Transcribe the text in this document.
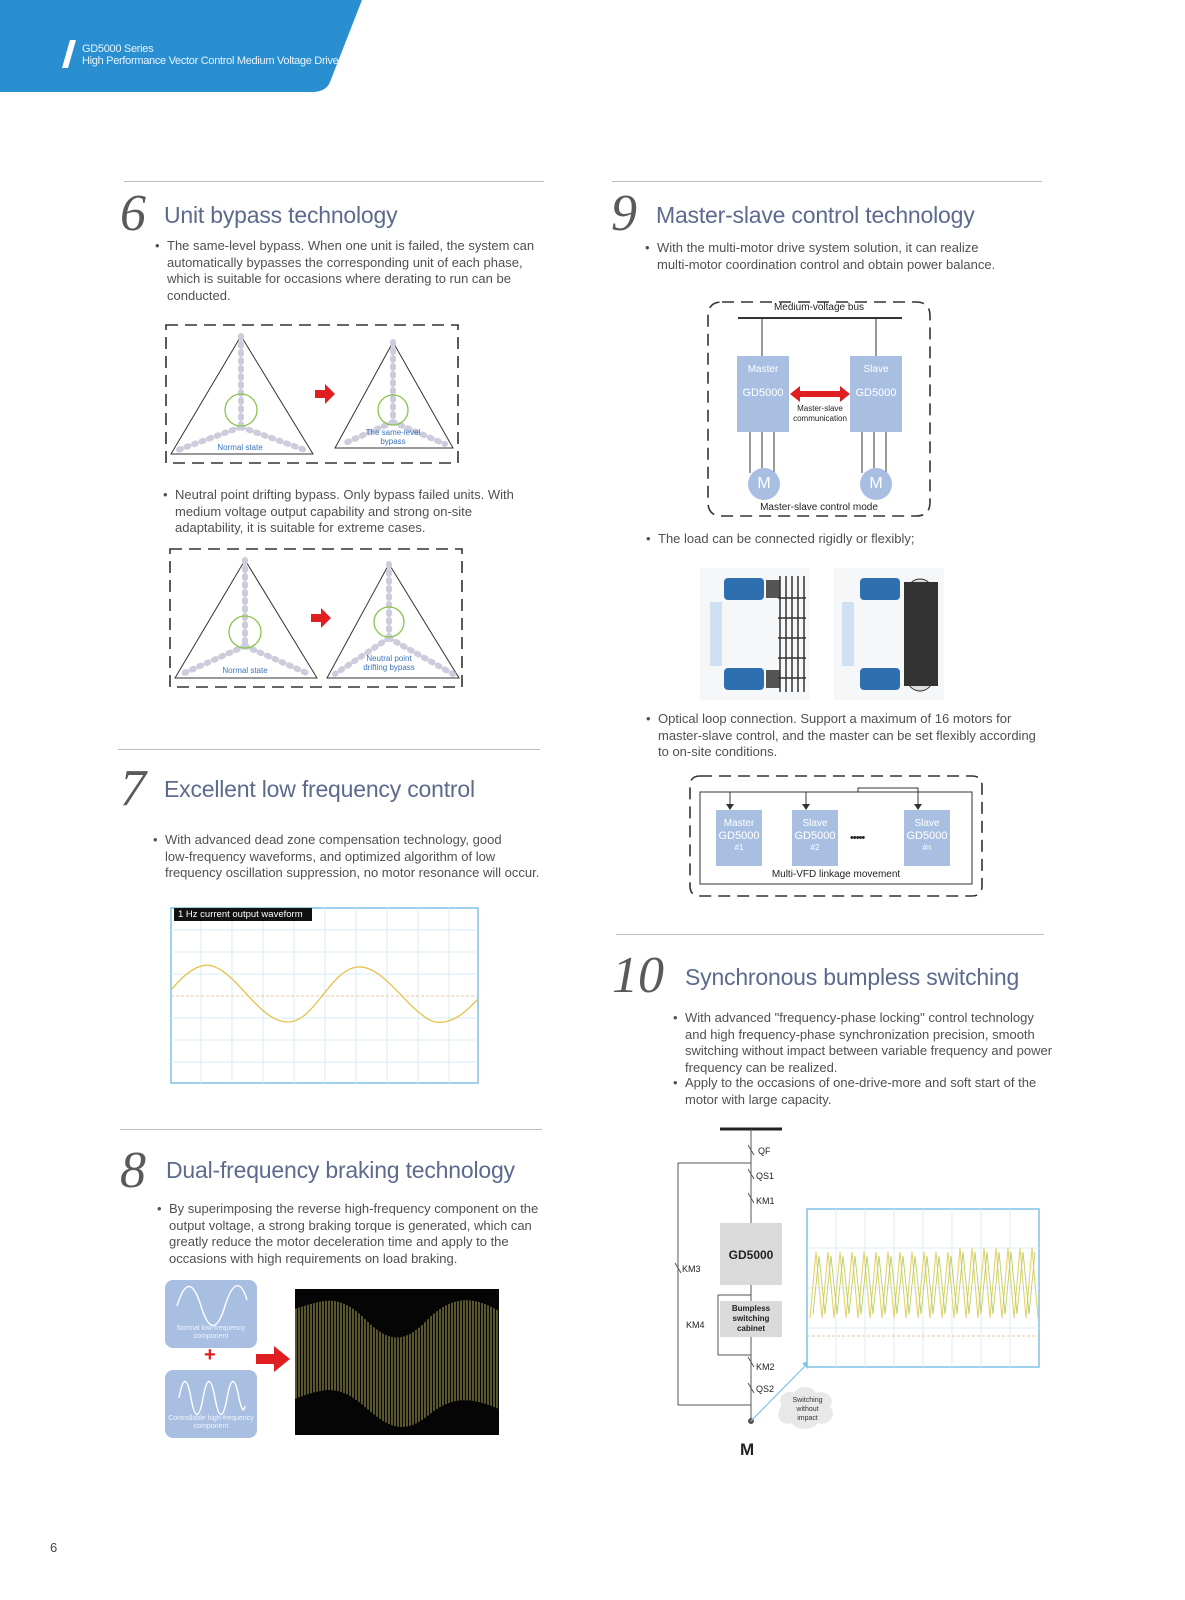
GD5000 Series
High Performance Vector Control Medium Voltage Drive
6 Unit bypass technology
• The same-level bypass. When one unit is failed, the system can
automatically bypasses the corresponding unit of each phase,
which is suitable for occasions where derating to run can be
conducted.
Normal state
The same-level
bypass
• Neutral point drifting bypass. Only bypass failed units. With
medium voltage output capability and strong on-site
adaptability, it is suitable for extreme cases.
Normal state
Neutral point
drifting bypass
7 Excellent low frequency control
• With advanced dead zone compensation technology, good
low-frequency waveforms, and optimized algorithm of low
frequency oscillation suppression, no motor resonance will occur.
1 Hz current output waveform
8 Dual-frequency braking technology
• By superimposing the reverse high-frequency component on the
output voltage, a strong braking torque is generated, which can
greatly reduce the motor deceleration time and apply to the
occasions with high requirements on load braking.
Normal low-frequency
component
+
Controllable high-frequency
component
9 Master-slave control technology
• With the multi-motor drive system solution, it can realize
multi-motor coordination control and obtain power balance.
Medium-voltage bus
Master
GD5000
Slave
GD5000
Master-slave
communication
M	M
Master-slave control mode
• The load can be connected rigidly or flexibly;
• Optical loop connection. Support a maximum of 16 motors for
master-slave control, and the master can be set flexibly according
to on-site conditions.
Master
GD5000
#1
Slave
GD5000
#2
Slave
GD5000
#n
•••••
Multi-VFD linkage movement
10 Synchronous bumpless switching
• With advanced "frequency-phase locking" control technology
and high frequency-phase synchronization precision, smooth
switching without impact between variable frequency and power
frequency can be realized.
• Apply to the occasions of one-drive-more and soft start of the
motor with large capacity.
QF
QS1
KM1
GD5000
KM3
Bumpless
switching
cabinet
KM4
KM2
QS2
Switching
without
impact
M
6
